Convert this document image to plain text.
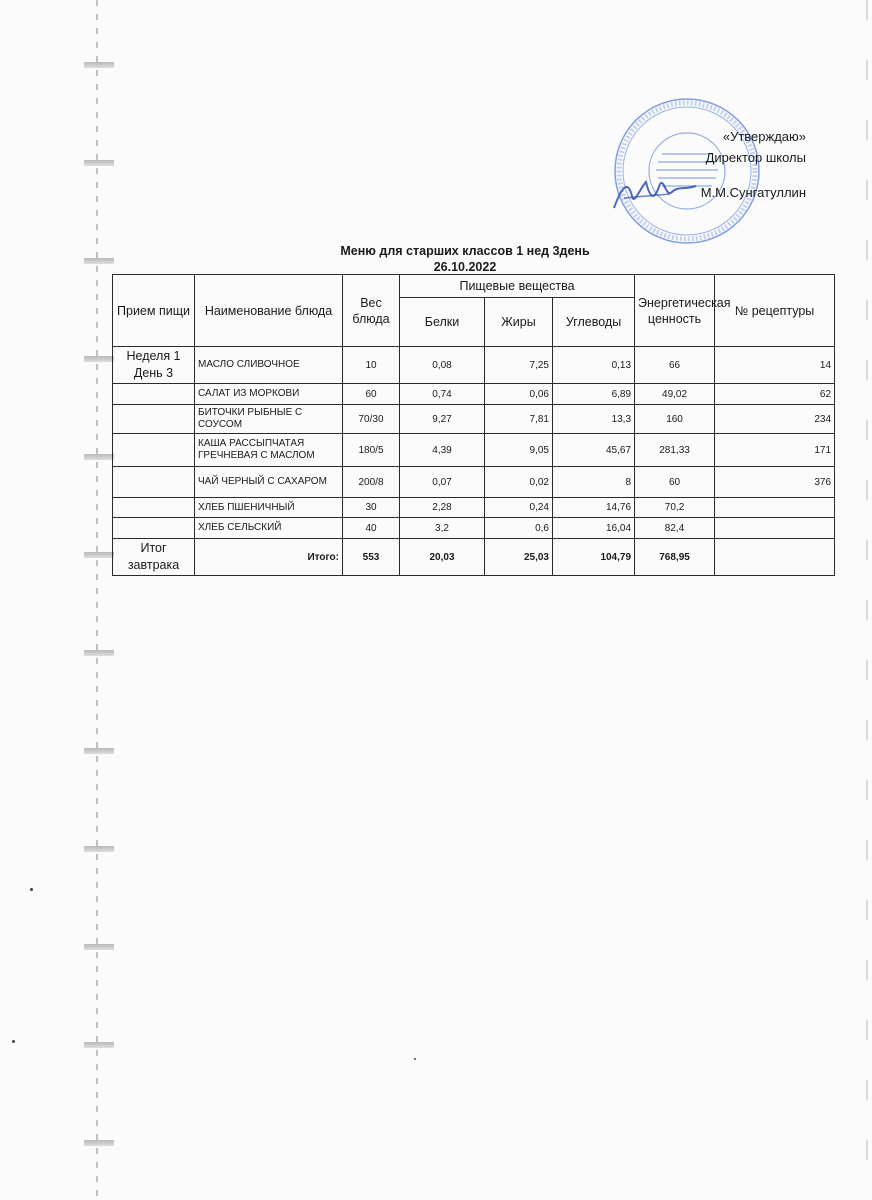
«Утверждаю»
Директор школы
М.М.Сунгатуллин
Меню для старших классов 1 нед 3день
26.10.2022
Прием пищи	Наименование блюда	Вес блюда	Пищевые вещества			Энергетическая ценность	№ рецептуры
			Белки	Жиры	Углеводы		
Неделя 1 День 3	МАСЛО СЛИВОЧНОЕ	10	0,08	7,25	0,13	66	14
	САЛАТ ИЗ МОРКОВИ	60	0,74	0,06	6,89	49,02	62
	БИТОЧКИ РЫБНЫЕ С СОУСОМ	70/30	9,27	7,81	13,3	160	234
	КАША РАССЫПЧАТАЯ ГРЕЧНЕВАЯ С МАСЛОМ	180/5	4,39	9,05	45,67	281,33	171
	ЧАЙ ЧЕРНЫЙ С САХАРОМ	200/8	0,07	0,02	8	60	376
	ХЛЕБ ПШЕНИЧНЫЙ	30	2,28	0,24	14,76	70,2	
	ХЛЕБ СЕЛЬСКИЙ	40	3,2	0,6	16,04	82,4	
Итог завтрака	Итого:	553	20,03	25,03	104,79	768,95	
